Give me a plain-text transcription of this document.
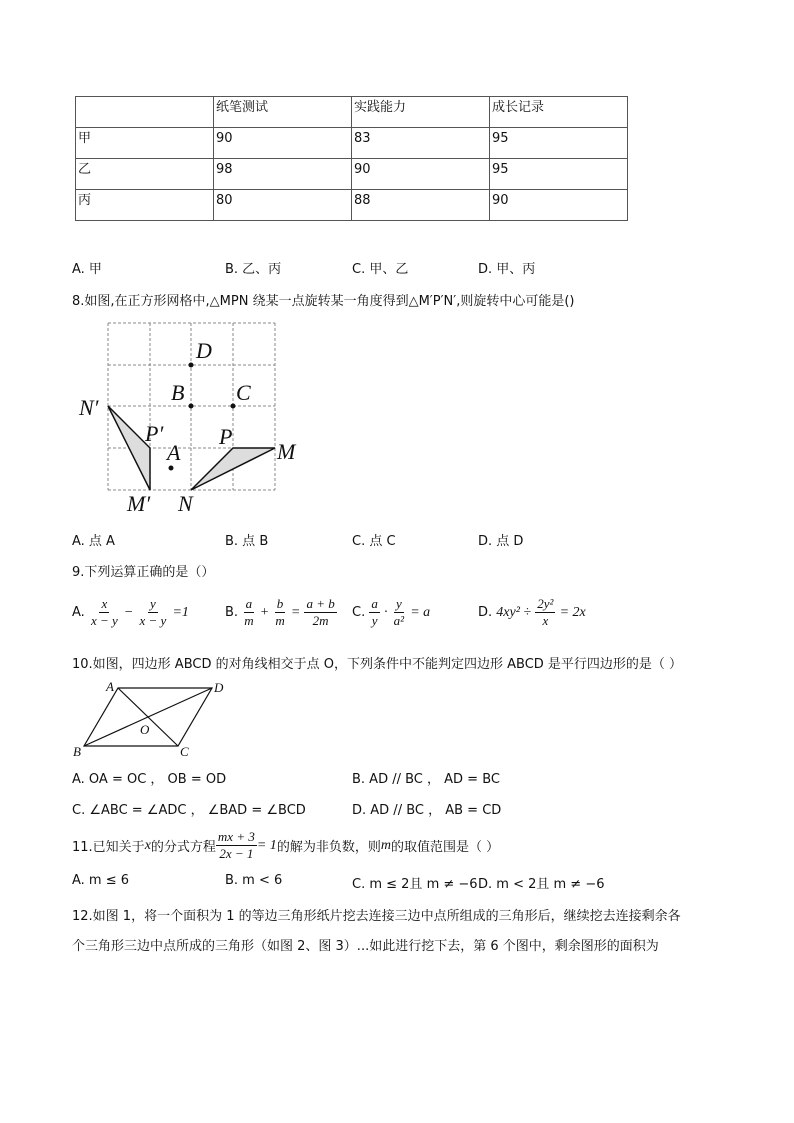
	纸笔测试	实践能力	成长记录
甲	90	83	95
乙	98	90	95
丙	80	88	90
A. 甲	B. 乙、丙	C. 甲、乙	D. 甲、丙
8.如图,在正方形网格中,△MPN 绕某一点旋转某一角度得到△M′P′N′,则旋转中心可能是()
D
B C
N′
P′
A
P
M
M′ N
A. 点 A	B. 点 B	C. 点 C	D. 点 D
9.下列运算正确的是（）
A. $\frac{x}{x - y} - \frac{y}{x - y} =1$	B. $\frac{a}{m} + \frac{b}{m} = \frac{a + b}{2m} C$. $\frac{a}{y} \cdot \frac{y}{\text{a²}} = a$	D. $4xy^2 \div \frac{\text{2y²}}{x} = 2x$
10.如图，四边形 ABCD 的对角线相交于点 O，下列条件中不能判定四边形 ABCD 是平行四边形的是（ ）
A	D
O
B	C
A. OA = OC ， OB = OD	B. AD // BC ， AD = BC
C. ∠ABC = ∠ADC ， ∠BAD = ∠BCD	D. AD // BC ， AB = CD
11.已知关于 x 的分式方程 $\frac{mx + 3}{2x - 1} = 1$ 的解为非负数，则 m 的取值范围是（ ）
A. m ≤ 6	B. m < 6	C. m ≤ 2且 m ≠ −6 D. m < 2且 m ≠ −6
12.如图 1，将一个面积为 1 的等边三角形纸片挖去连接三边中点所组成的三角形后，继续挖去连接剩余各
个三角形三边中点所成的三角形（如图 2、图 3）...如此进行挖下去，第 6 个图中，剩余图形的面积为
